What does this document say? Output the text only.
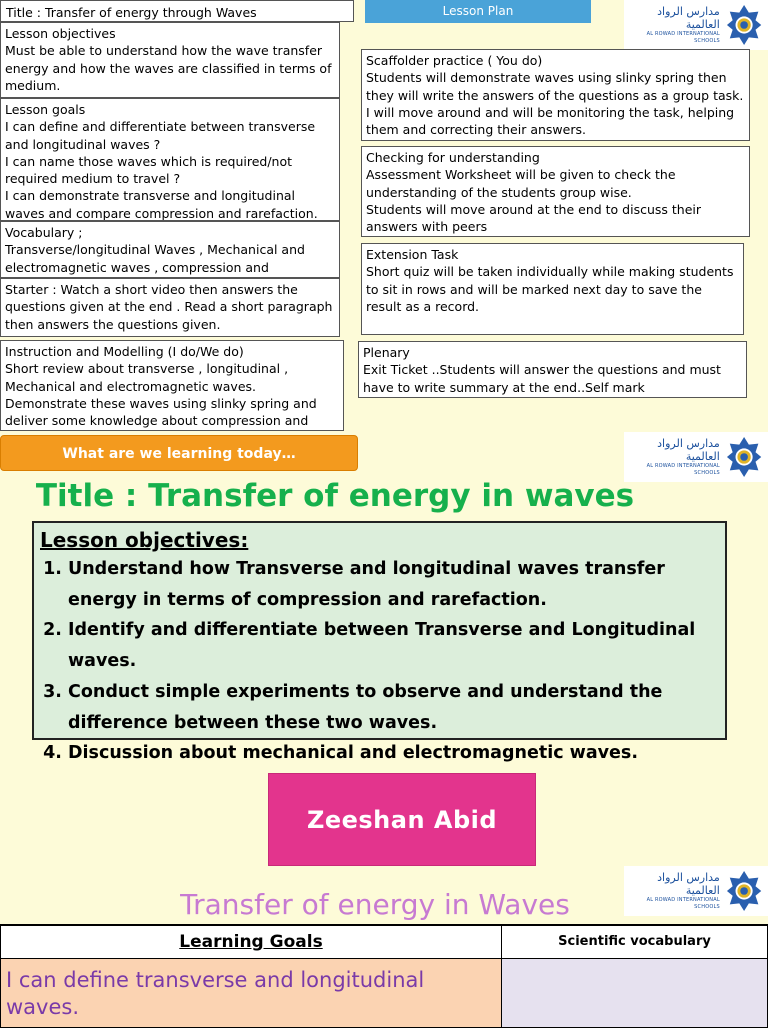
Title : Transfer of energy through Waves	Lesson Plan	مدارس الرواد العالمية
AL ROWAD INTERNATIONAL SCHOOLS
Lesson objectives
Must be able to understand how the wave transfer energy and how the waves are classified in terms of medium.
Lesson goals
I can define and differentiate between transverse and longitudinal waves ?
I can name those waves which is required/not required medium to travel ?
I can demonstrate transverse and longitudinal waves and compare compression and rarefaction.
Vocabulary ;
Transverse/longitudinal Waves , Mechanical and electromagnetic waves , compression and
Starter : Watch a short video then answers the questions given at the end . Read a short paragraph then answers the questions given.
Instruction and Modelling (I do/We do)
Short review about transverse , longitudinal , Mechanical and electromagnetic waves. Demonstrate these waves using slinky spring and deliver some knowledge about compression and
Scaffolder practice ( You do)
Students will demonstrate waves using slinky spring then they will write the answers of the questions as a group task.
I will move around and will be monitoring the task, helping them and correcting their answers.
Checking for understanding
Assessment Worksheet will be given to check the understanding of the students group wise.
Students will move around at the end to discuss their answers with peers
Extension Task
Short quiz will be taken individually while making students to sit in rows and will be marked next day to save the result as a record.
Plenary
Exit Ticket ..Students will answer the questions and must have to write summary at the end..Self mark
What are we learning today…
مدارس الرواد العالمية
AL ROWAD INTERNATIONAL SCHOOLS
Title : Transfer of energy in waves
Lesson objectives:
1. Understand how Transverse and longitudinal waves transfer energy in terms of compression and rarefaction.
2. Identify and differentiate between Transverse and Longitudinal waves.
3. Conduct simple experiments to observe and understand the difference between these two waves.
4. Discussion about mechanical and electromagnetic waves.
Zeeshan Abid
مدارس الرواد العالمية
AL ROWAD INTERNATIONAL SCHOOLS
Transfer of energy in Waves
Learning Goals	Scientific vocabulary
I can define transverse and longitudinal waves.
